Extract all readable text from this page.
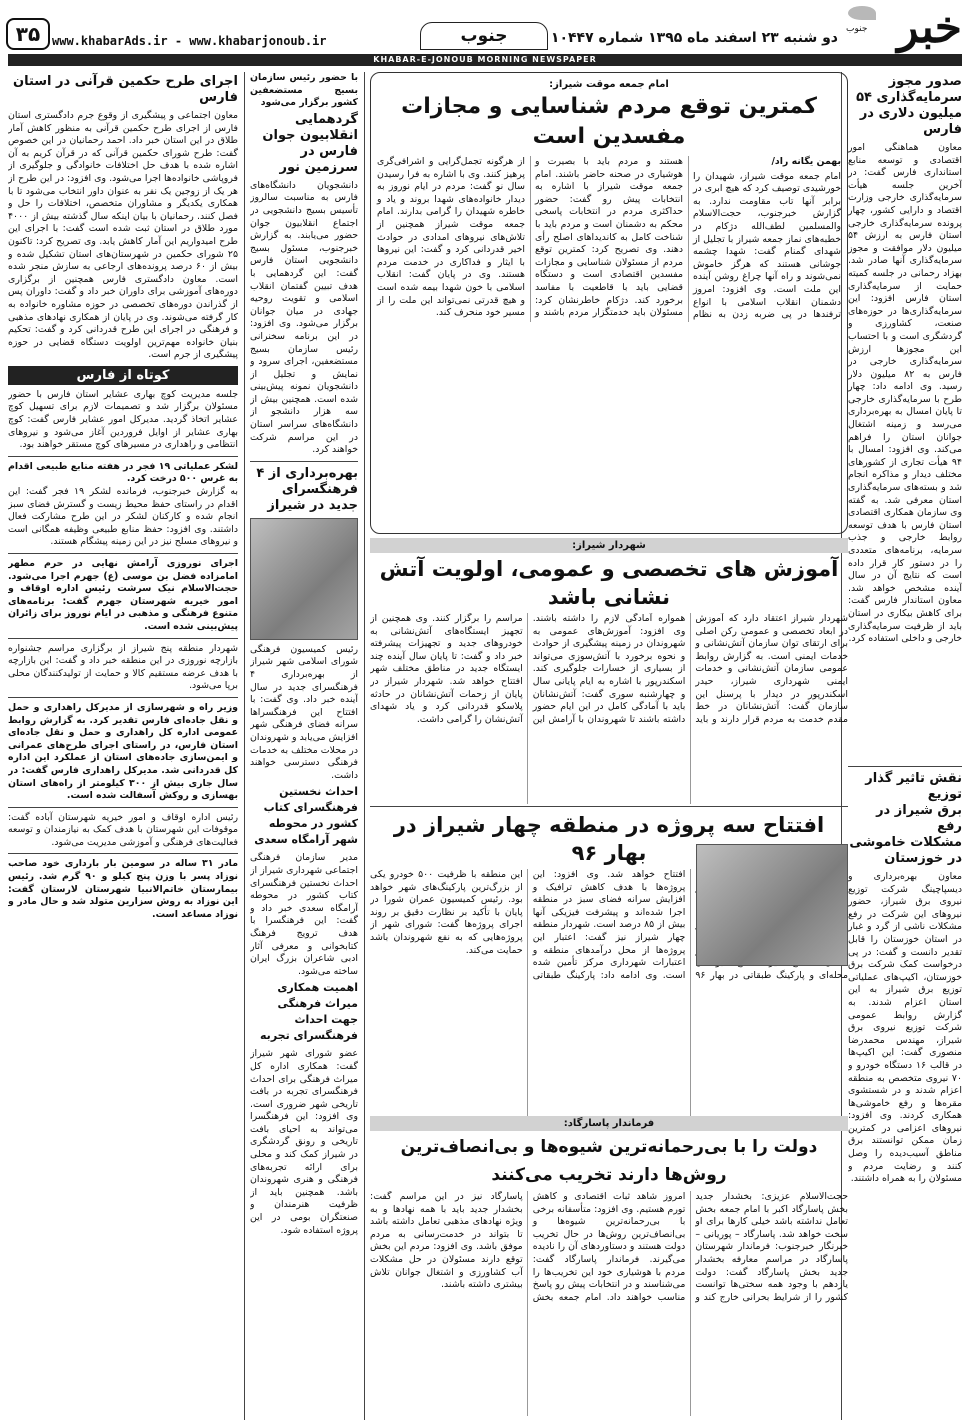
خبر
جنوب
دو شنبه ۲۳ اسفند ماه ۱۳۹۵ شماره ۱۰۴۴۷
جنوب
www.khabarAds.ir - www.khabarjonoub.ir
۳۵
KHABAR-E-JONOUB MORNING NEWSPAPER
صدور مجوز
سرمایه‌گذاری ۵۴
میلیون دلاری در فارس
معاون هماهنگی امور اقتصادی و توسعه منابع استانداری فارس گفت: در آخرین جلسه هیأت سرمایه‌گذاری خارجی وزارت اقتصاد و دارایی کشور، چهار پرونده سرمایه‌گذاری خارجی استان فارس به ارزش ۵۴ میلیون دلار موافقت و مجوز سرمایه‌گذاری آنها صادر شد. بهزاد رحمانی در جلسه کمیته حمایت از سرمایه‌گذاری استان فارس افزود: این سرمایه‌گذاری‌ها در حوزه‌های صنعت، کشاورزی و گردشگری است و با احتساب این مجوزها ارزش سرمایه‌گذاری خارجی در فارس به ۸۲ میلیون دلار رسید. وی ادامه داد: چهار طرح با سرمایه‌گذاری خارجی تا پایان امسال به بهره‌برداری می‌رسد و زمینه اشتغال جوانان استان را فراهم می‌کند. وی افزود: امسال با ۹۴ هیأت تجاری از کشورهای مختلف دیدار و مذاکره انجام شد و بسته‌های سرمایه‌گذاری استان معرفی شد. به گفته وی سازمان همکاری اقتصادی استان فارس با هدف توسعه روابط خارجی و جذب سرمایه، برنامه‌های متعددی را در دستور کار قرار داده است که نتایج آن در سال آینده مشخص خواهد شد. معاون استاندار فارس گفت: برای کاهش بیکاری در استان باید از ظرفیت سرمایه‌گذاری خارجی و داخلی استفاده کرد.
نقش تاثیر گذار توزیع
برق شیراز در رفع
مشکلات خاموشی
در خوزستان
معاون بهره‌برداری و دیسپاچینگ شرکت توزیع نیروی برق شیراز، حضور نیروهای این شرکت در رفع مشکلات ناشی از گرد و غبار در استان خوزستان را قابل تقدیر دانست و گفت: در پی درخواست کمک شرکت برق خوزستان، اکیپ‌های عملیاتی توزیع برق شیراز به این استان اعزام شدند. به گزارش روابط عمومی شرکت توزیع نیروی برق شیراز، مهندس محمدرضا منصوری گفت: این اکیپ‌ها در قالب ۱۶ دستگاه خودرو و ۷۰ نیروی متخصص به منطقه اعزام شدند و در شستشوی مقره‌ها و رفع خاموشی‌ها همکاری کردند. وی افزود: نیروهای اعزامی در کمترین زمان ممکن توانستند برق مناطق آسیب‌دیده را وصل کنند و رضایت مردم و مسئولان را به همراه داشتند.
امام جمعه موقت شیراز:
کمترین توقع مردم شناسایی و مجازات مفسدین است

بهمن یگانه راد/

امام جمعه موقت شیراز، شهیدان را خورشیدی توصیف کرد که هیچ ابری در برابر آنها تاب مقاومت ندارد. به گزارش خبرجنوب، حجت‌الاسلام والمسلمین لطف‌الله دژکام در خطبه‌های نماز جمعه شیراز با تجلیل از شهدای گمنام گفت: شهدا چشمه جوشانی هستند که هرگز خاموش نمی‌شوند و راه آنها چراغ روشن آینده این ملت است. وی افزود: امروز دشمنان انقلاب اسلامی با انواع ترفندها در پی ضربه زدن به نظام هستند و مردم باید با بصیرت و هوشیاری در صحنه حاضر باشند. امام جمعه موقت شیراز با اشاره به انتخابات پیش رو گفت: حضور حداکثری مردم در انتخابات پاسخی محکم به دشمنان است و مردم باید با شناخت کامل به کاندیداهای اصلح رأی دهند. وی تصریح کرد: کمترین توقع مردم از مسئولان شناسایی و مجازات مفسدین اقتصادی است و دستگاه قضایی باید با قاطعیت با مفاسد برخورد کند. دژکام خاطرنشان کرد: مسئولان باید خدمتگزار مردم باشند و از هرگونه تجمل‌گرایی و اشرافی‌گری پرهیز کنند. وی با اشاره به فرا رسیدن سال نو گفت: مردم در ایام نوروز به دیدار خانواده‌های شهدا بروند و یاد و خاطره شهیدان را گرامی بدارند. امام جمعه موقت شیراز همچنین از تلاش‌های نیروهای امدادی در حوادث اخیر قدردانی کرد و گفت: این نیروها با ایثار و فداکاری در خدمت مردم هستند. وی در پایان گفت: انقلاب اسلامی با خون شهدا بیمه شده است و هیچ قدرتی نمی‌تواند این ملت را از مسیر خود منحرف کند.

شهردار شیراز:
آموزش های تخصصی و عمومی، اولویت آتش نشانی باشد
شهردار شیراز اعتقاد دارد که آموزش در ابعاد تخصصی و عمومی رکن اصلی برای ارتقای توان سازمان آتش‌نشانی و خدمات ایمنی است. به گزارش روابط عمومی سازمان آتش‌نشانی و خدمات ایمنی شهرداری شیراز، حیدر اسکندرپور در دیدار با پرسنل این سازمان گفت: آتش‌نشانان در خط مقدم خدمت به مردم قرار دارند و باید همواره آمادگی لازم را داشته باشند. وی افزود: آموزش‌های عمومی به شهروندان در زمینه پیشگیری از حوادث و نحوه برخورد با آتش‌سوزی می‌تواند از بسیاری از خسارات جلوگیری کند. اسکندرپور با اشاره به ایام پایانی سال و چهارشنبه سوری گفت: آتش‌نشانان باید با آمادگی کامل در این ایام حضور داشته باشند تا شهروندان با آرامش این مراسم را برگزار کنند. وی همچنین از تجهیز ایستگاه‌های آتش‌نشانی به خودروهای جدید و تجهیزات پیشرفته خبر داد و گفت: تا پایان سال آینده چند ایستگاه جدید در مناطق مختلف شهر افتتاح خواهد شد. شهردار شیراز در پایان از زحمات آتش‌نشانان در حادثه پلاسکو قدردانی کرد و یاد شهدای آتش‌نشان را گرامی داشت.
افتتاح سه پروژه در منطقه چهار شیراز در بهار ۹۶
محله‌ای و پارکینگ طبقاتی در بهار ۹۶ افتتاح خواهد شد. وی افزود: این پروژه‌ها با هدف کاهش ترافیک و افزایش سرانه فضای سبز در منطقه اجرا شده‌اند و پیشرفت فیزیکی آنها بیش از ۸۵ درصد است. شهردار منطقه چهار شیراز نیز گفت: اعتبار این پروژه‌ها از محل درآمدهای منطقه و اعتبارات شهرداری مرکز تأمین شده است. وی ادامه داد: پارکینگ طبقاتی این منطقه با ظرفیت ۵۰۰ خودرو یکی از بزرگ‌ترین پارکینگ‌های شهر خواهد بود. رئیس کمیسیون عمران شورا در پایان با تأکید بر نظارت دقیق بر روند اجرای پروژه‌ها گفت: شورای شهر از پروژه‌هایی که به نفع شهروندان باشد حمایت می‌کند.
فرماندار پاسارگاد:
دولت را با بی‌رحمانه‌ترین شیوه‌ها و بی‌انصاف‌ترین روش‌ها دارند تخریب می‌کنند
حجت‌الاسلام عزیزی: بخشدار جدید بخش پاسارگاد اکبر با امام جمعه بخش تعامل نداشته باشد خیلی کارها برای او سخت خواهد شد. پاسارگاد – پوریانی – خبرنگار خبرجنوب: فرماندار شهرستان پاسارگاد در مراسم معارفه بخشدار جدید بخش پاسارگاد گفت: دولت یازدهم با وجود همه سختی‌ها توانست کشور را از شرایط بحرانی خارج کند و امروز شاهد ثبات اقتصادی و کاهش تورم هستیم. وی افزود: متأسفانه برخی با بی‌رحمانه‌ترین شیوه‌ها و بی‌انصاف‌ترین روش‌ها در حال تخریب دولت هستند و دستاوردهای آن را نادیده می‌گیرند. فرماندار پاسارگاد گفت: مردم با هوشیاری خود این تخریب‌ها را می‌شناسند و در انتخابات پیش رو پاسخ مناسب خواهند داد. امام جمعه بخش پاسارگاد نیز در این مراسم گفت: بخشدار جدید باید با همه نهادها و به ویژه نهادهای مذهبی تعامل داشته باشد تا بتواند در خدمت‌رسانی به مردم موفق باشد. وی افزود: مردم این بخش توقع دارند مسئولان در حل مشکلات آب کشاورزی و اشتغال جوانان تلاش بیشتری داشته باشند.
با حضور رئیس سازمان بسیج مستضعفین کشور برگزار می‌شود
گردهمایی انقلابیون جوان فارس در سرزمین نور
دانشجویان دانشگاه‌های فارس به مناسبت سالروز تأسیس بسیج دانشجویی در اجتماع انقلابیون جوان حضور می‌یابند. به گزارش خبرجنوب، مسئول بسیج دانشجویی استان فارس گفت: این گردهمایی با هدف تبیین گفتمان انقلاب اسلامی و تقویت روحیه جهادی در میان جوانان برگزار می‌شود. وی افزود: در این برنامه سخنرانی رئیس سازمان بسیج مستضعفین، اجرای سرود و نمایش و تجلیل از دانشجویان نمونه پیش‌بینی شده است. همچنین بیش از سه هزار دانشجو از دانشگاه‌های سراسر استان در این مراسم شرکت خواهند کرد.
بهره‌برداری از ۴ فرهنگسرای جدید در شیراز
رئیس کمیسیون فرهنگی شورای اسلامی شهر شیراز از بهره‌برداری ۴ فرهنگسرای جدید در سال آینده خبر داد. وی گفت: با افتتاح این فرهنگسراها سرانه فضای فرهنگی شهر افزایش می‌یابد و شهروندان در محلات مختلف به خدمات فرهنگی دسترسی خواهند داشت.
احداث نخستین فرهنگسرای کتاب کشور در محوطه شهر آرامگاه سعدی
مدیر سازمان فرهنگی اجتماعی شهرداری شیراز از احداث نخستین فرهنگسرای کتاب کشور در محوطه آرامگاه سعدی خبر داد و گفت: این فرهنگسرا با هدف ترویج فرهنگ کتابخوانی و معرفی آثار ادبی شاعران بزرگ ایران ساخته می‌شود.
اهمیت همکاری میراث فرهنگی جهت احداث فرهنگسرای تجربه
عضو شورای شهر شیراز گفت: همکاری اداره کل میراث فرهنگی برای احداث فرهنگسرای تجربه در بافت تاریخی شهر ضروری است. وی افزود: این فرهنگسرا می‌تواند به احیای بافت تاریخی و رونق گردشگری در شیراز کمک کند و محلی برای ارائه تجربه‌های فرهنگی و هنری شهروندان باشد. همچنین باید از ظرفیت هنرمندان و صنعتگران بومی در این پروژه استفاده شود.
اجرای طرح حکمین قرآنی در استان فارس
معاون اجتماعی و پیشگیری از وقوع جرم دادگستری استان فارس از اجرای طرح حکمین قرآنی به منظور کاهش آمار طلاق در این استان خبر داد. احمد رحمانیان در این خصوص گفت: طرح شورای حکمین قرآنی که در قرآن کریم به آن اشاره شده با هدف حل اختلافات خانوادگی و جلوگیری از فروپاشی خانواده‌ها اجرا می‌شود. وی افزود: در این طرح از هر یک از زوجین یک نفر به عنوان داور انتخاب می‌شود تا با همکاری یکدیگر و مشاوران متخصص، اختلافات را حل و فصل کنند. رحمانیان با بیان اینکه سال گذشته بیش از ۴۰۰۰ مورد طلاق در استان ثبت شده است گفت: با اجرای این طرح امیدواریم این آمار کاهش یابد. وی تصریح کرد: تاکنون ۲۵ شورای حکمین در شهرستان‌های استان تشکیل شده و بیش از ۶۰ درصد پرونده‌های ارجاعی به سازش منجر شده است. معاون دادگستری فارس همچنین از برگزاری دوره‌های آموزشی برای داوران خبر داد و گفت: داوران پس از گذراندن دوره‌های تخصصی در حوزه مشاوره خانواده به کار گرفته می‌شوند. وی در پایان از همکاری نهادهای مذهبی و فرهنگی در اجرای این طرح قدردانی کرد و گفت: تحکیم بنیان خانواده مهم‌ترین اولویت دستگاه قضایی در حوزه پیشگیری از جرم است.
کوتاه از فارس
جلسه مدیریت کوچ بهاری عشایر استان فارس با حضور مسئولان برگزار شد و تصمیمات لازم برای تسهیل کوچ عشایر اتخاذ گردید. مدیرکل امور عشایر فارس گفت: کوچ بهاری عشایر از اوایل فروردین آغاز می‌شود و نیروهای انتظامی و راهداری در مسیرهای کوچ مستقر خواهند بود.
لشکر عملیاتی ۱۹ فجر در هفته منابع طبیعی اقدام به غرس ۵۰۰ درخت کرد.
به گزارش خبرجنوب، فرمانده لشکر ۱۹ فجر گفت: این اقدام در راستای حفظ محیط زیست و گسترش فضای سبز انجام شده و کارکنان لشکر در این طرح مشارکت فعال داشتند. وی افزود: حفظ منابع طبیعی وظیفه همگانی است و نیروهای مسلح نیز در این زمینه پیشگام هستند.
اجرای نوروزی آرامش نهایی در حرم مطهر امامزاده فضل بن موسی (ع) جهرم اجرا می‌شود. حجت‌الاسلام نیک سرشت رئیس اداره اوقاف و امور خیریه شهرستان جهرم گفت: برنامه‌های متنوع فرهنگی و مذهبی در ایام نوروز برای زائران پیش‌بینی شده است.
شهردار منطقه پنج شیراز از برگزاری مراسم جشنواره بازارچه نوروزی در این منطقه خبر داد و گفت: این بازارچه با هدف عرضه مستقیم کالا و حمایت از تولیدکنندگان محلی برپا می‌شود.
وزیر راه و شهرسازی از مدیرکل راهداری و حمل و نقل جاده‌ای فارس تقدیر کرد. به گزارش روابط عمومی اداره کل راهداری و حمل و نقل جاده‌ای استان فارس، در راستای اجرای طرح‌های عمرانی و ایمن‌سازی جاده‌های استان از عملکرد این اداره کل قدردانی شد. مدیرکل راهداری فارس گفت: در سال جاری بیش از ۳۰۰ کیلومتر از راه‌های استان بهسازی و روکش آسفالت شده است.
رئیس اداره اوقاف و امور خیریه شهرستان آباده گفت: موقوفات این شهرستان با هدف کمک به نیازمندان و توسعه فعالیت‌های فرهنگی و آموزشی مدیریت می‌شود.
مادر ۳۱ ساله در سومین بار بارداری خود صاحب نوزاد پسر با وزن پنج کیلو و ۹۰ گرم شد. رئیس بیمارستان خاتم‌الانبیا شهرستان لارستان گفت: این نوزاد به روش سزارین متولد شد و حال مادر و نوزاد مساعد است.
